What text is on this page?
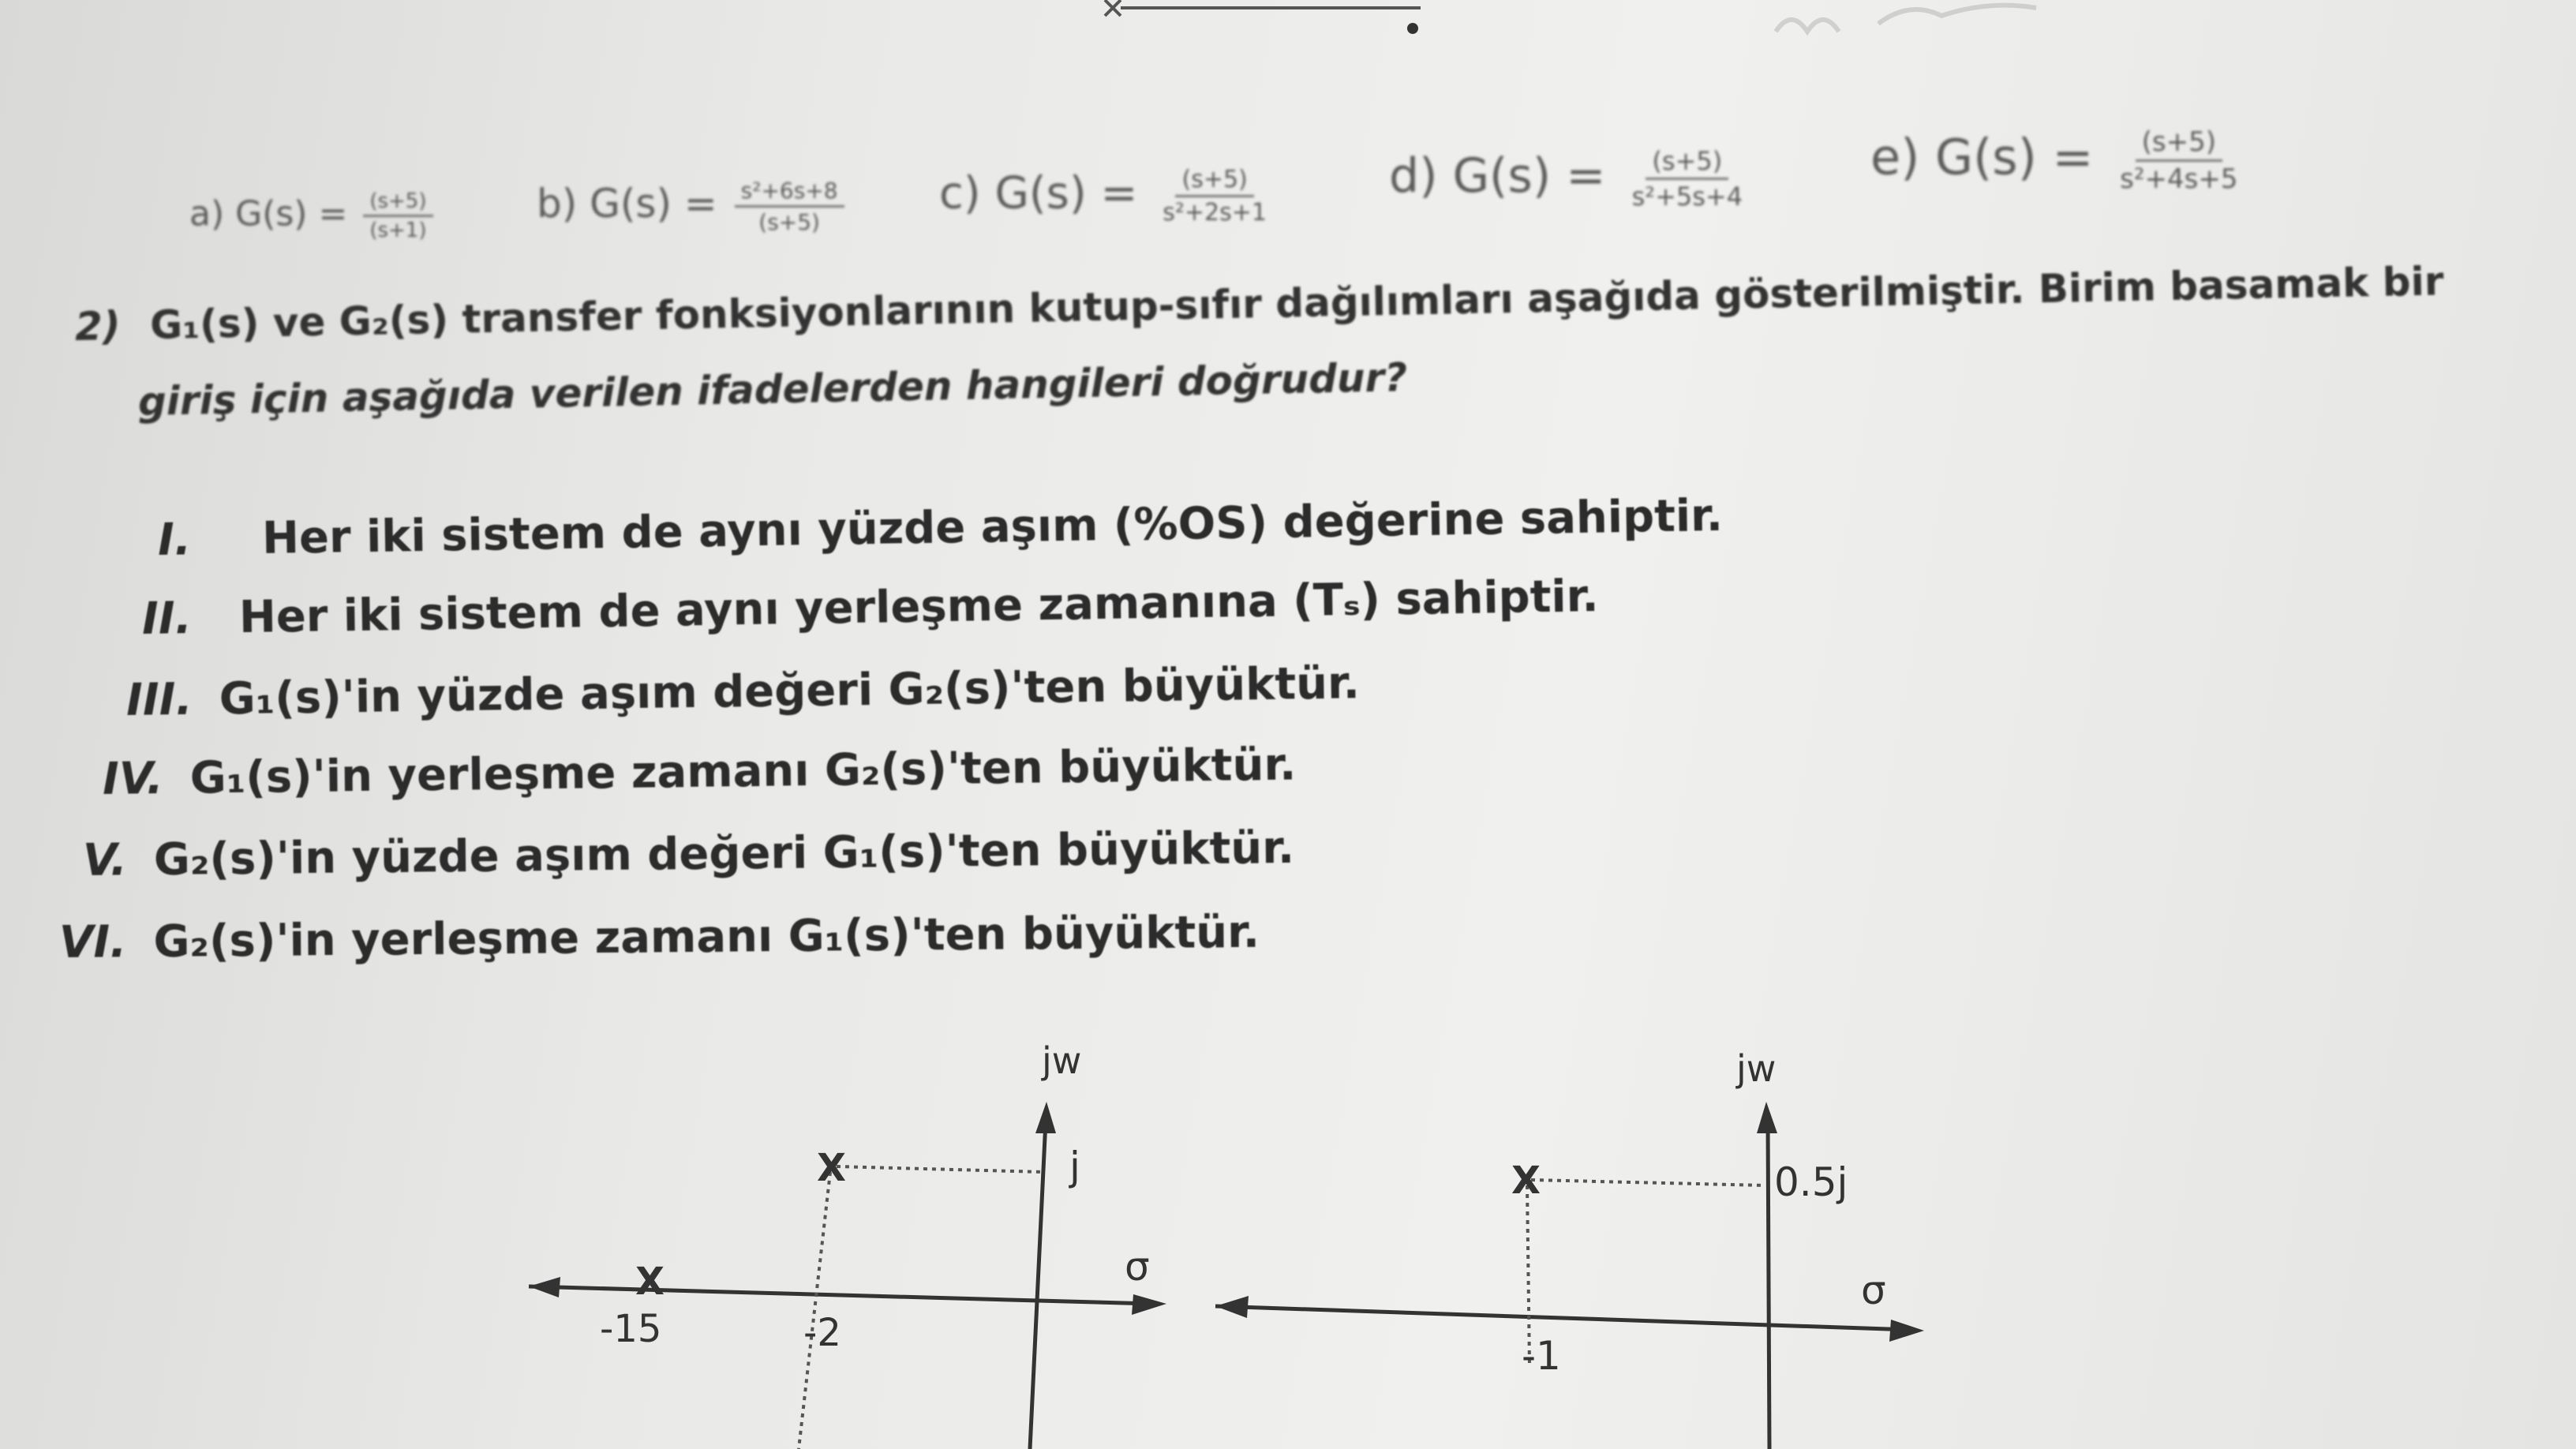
a) $G(s) = \frac{(s+5)}{(s+1)}$	b) $G(s) = \frac{\text{s²+6s+8}}{(s+5)} c$) $G(s) = \frac{(s+5)}{\text{s²+2s+1}} d$) $G(s) = \frac{(s+5)}{\text{s²+5s+4}} e$) $G(s) = \frac{(s+5)}{\text{s²+4s+5}}$
2) G₁(s) ve G₂(s) transfer fonksiyonlarının kutup-sıfır dağılımları aşağıda gösterilmiştir. Birim basamak bir
giriş için aşağıda verilen ifadelerden hangileri doğrudur?
I. Her iki sistem de aynı yüzde aşım (%OS) değerine sahiptir.
II. Her iki sistem de aynı yerleşme zamanına (Tₛ) sahiptir.
III. G₁(s)'in yüzde aşım değeri G₂(s)'ten büyüktür.
IV. G₁(s)'in yerleşme zamanı G₂(s)'ten büyüktür.
V. G₂(s)'in yüzde aşım değeri G₁(s)'ten büyüktür.
VI. G₂(s)'in yerleşme zamanı G₁(s)'ten büyüktür.
X
X
jw
σ
j
-15	-2
X
jw
σ
0.5j
-1
